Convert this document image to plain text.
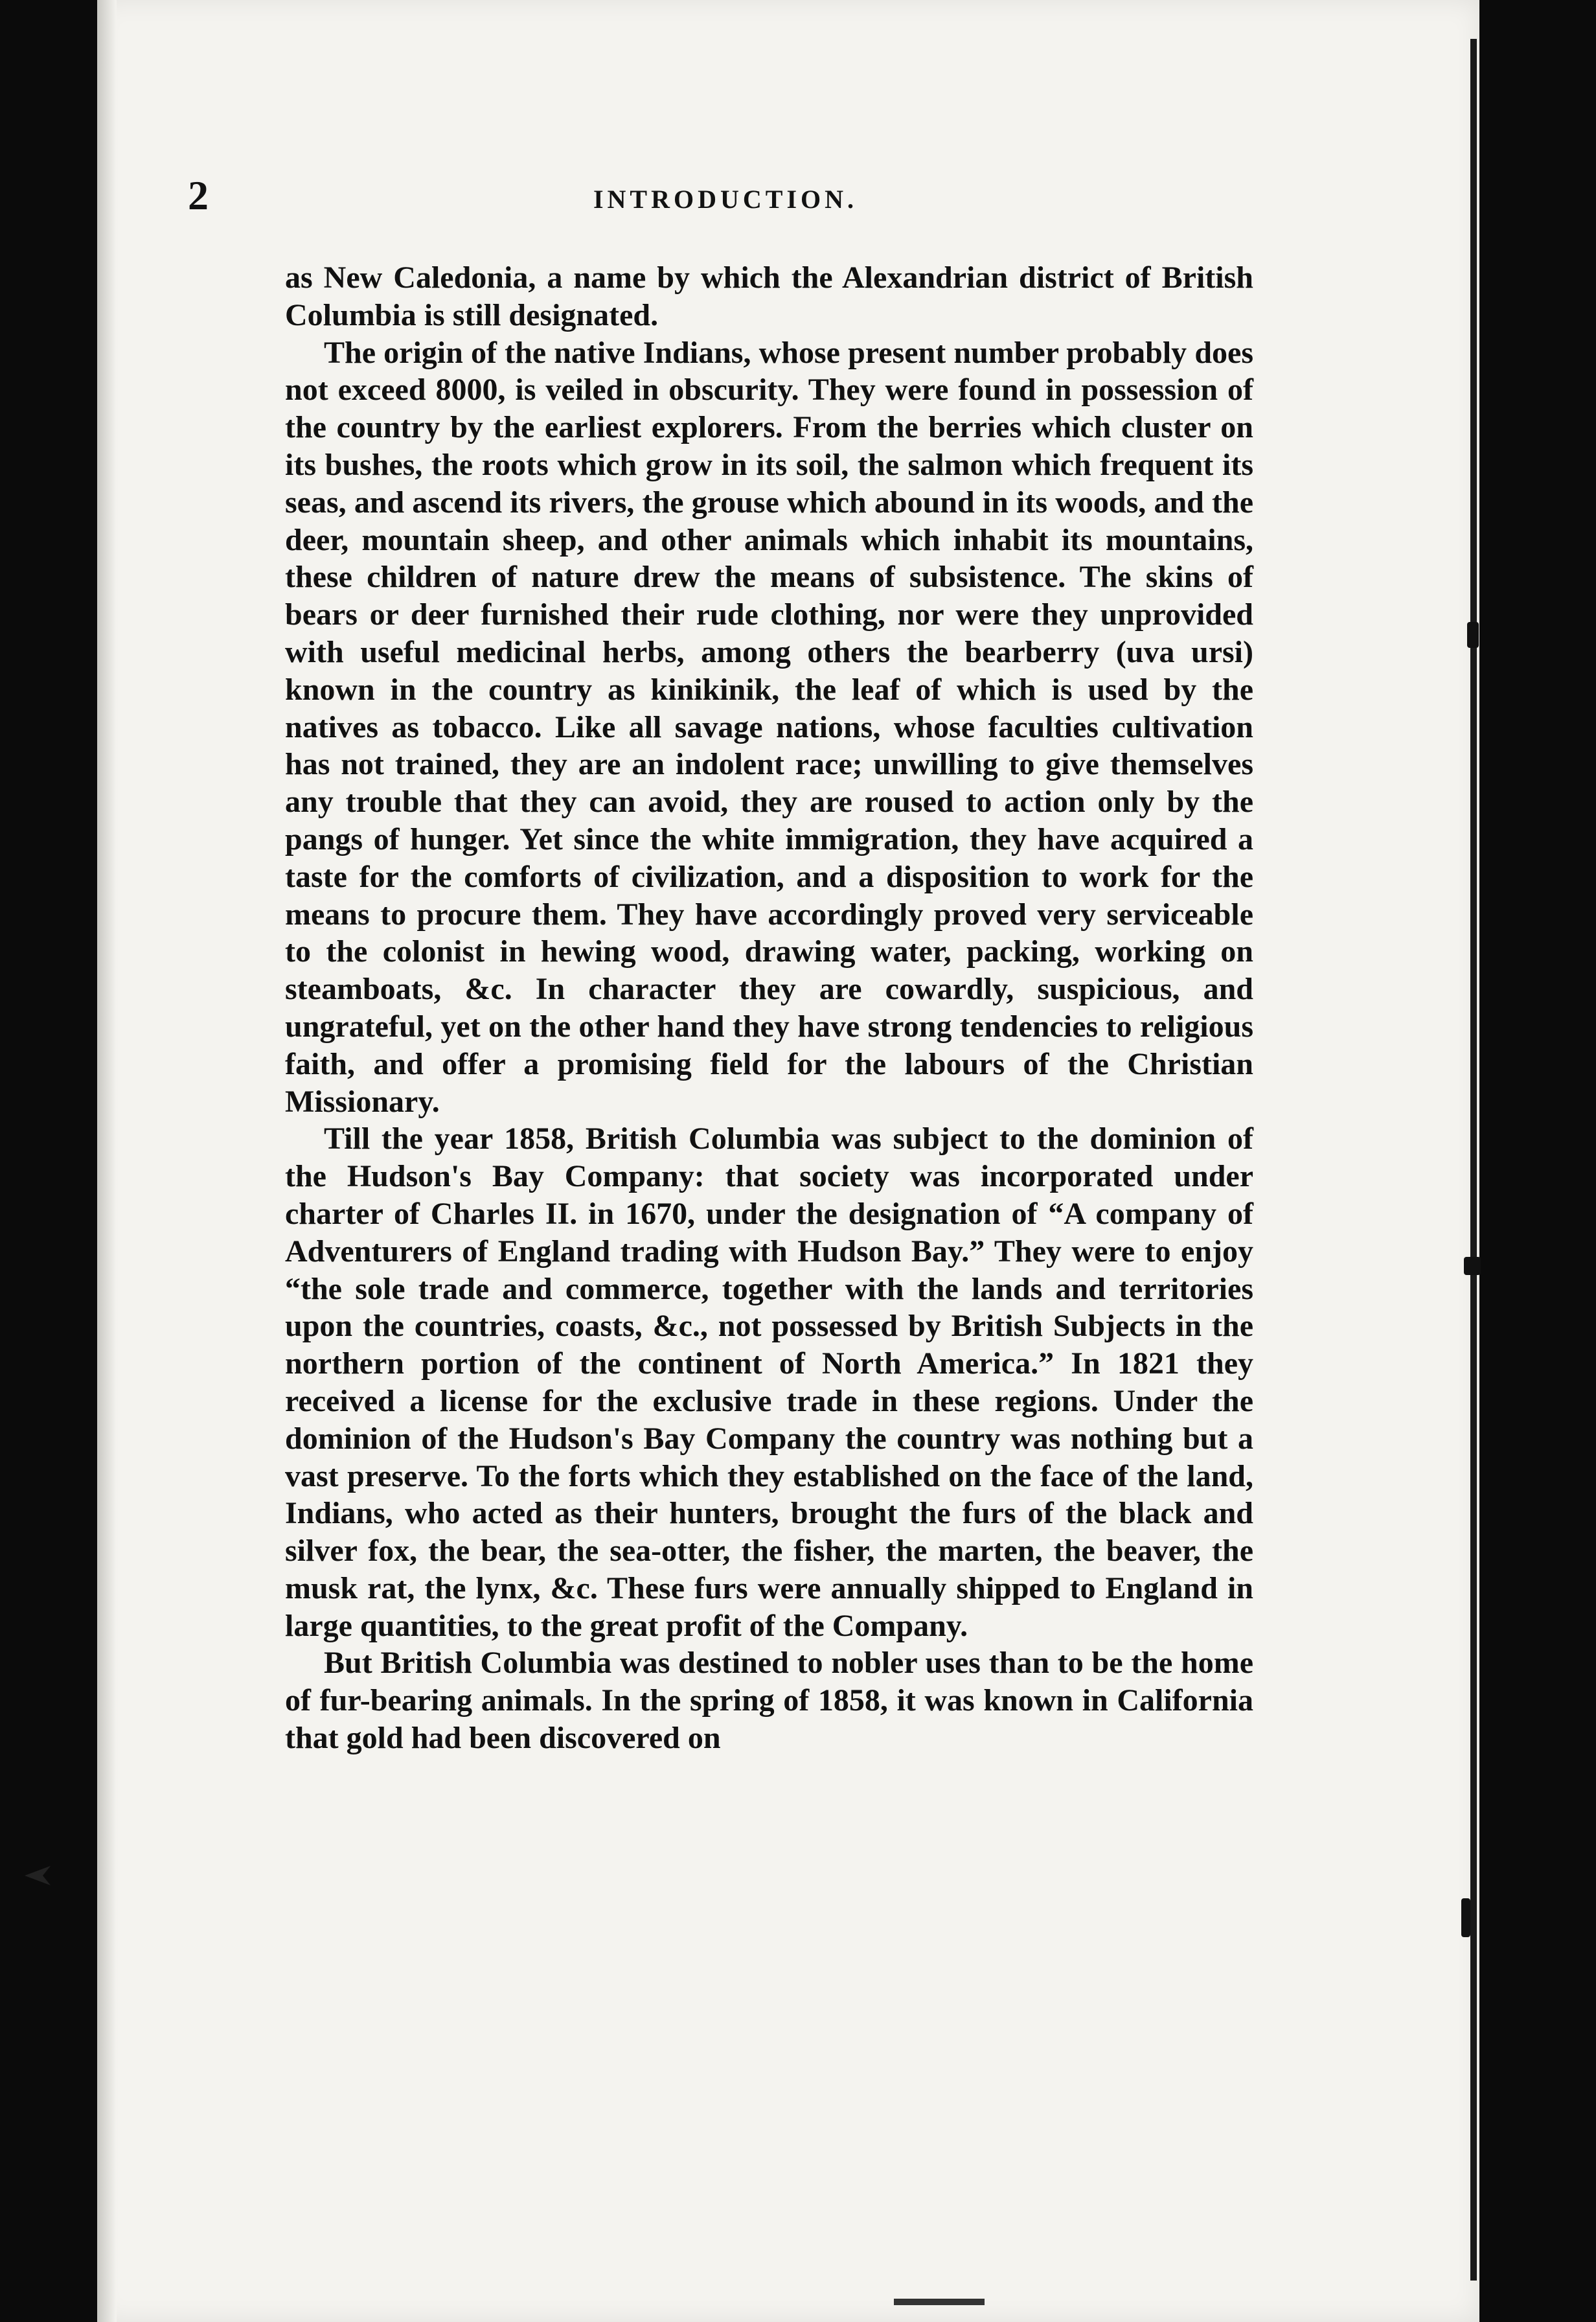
2	INTRODUCTION.

as New Caledonia, a name by which the Alexandrian district of British Columbia is still designated.

The origin of the native Indians, whose present number probably does not exceed 8000, is veiled in obscurity. They were found in possession of the country by the earliest explorers. From the berries which cluster on its bushes, the roots which grow in its soil, the salmon which frequent its seas, and ascend its rivers, the grouse which abound in its woods, and the deer, mountain sheep, and other animals which inhabit its mountains, these children of nature drew the means of subsistence. The skins of bears or deer furnished their rude clothing, nor were they unprovided with useful medicinal herbs, among others the bearberry (uva ursi) known in the country as kinikinik, the leaf of which is used by the natives as tobacco. Like all savage nations, whose faculties cultivation has not trained, they are an indolent race; unwilling to give themselves any trouble that they can avoid, they are roused to action only by the pangs of hunger. Yet since the white immigration, they have acquired a taste for the comforts of civilization, and a disposition to work for the means to procure them. They have accordingly proved very serviceable to the colonist in hewing wood, drawing water, packing, working on steamboats, &c. In character they are cowardly, suspicious, and ungrateful, yet on the other hand they have strong tendencies to religious faith, and offer a promising field for the labours of the Christian Missionary.

Till the year 1858, British Columbia was subject to the dominion of the Hudson's Bay Company: that society was incorporated under charter of Charles II. in 1670, under the designation of “A company of Adventurers of England trading with Hudson Bay.” They were to enjoy “the sole trade and commerce, together with the lands and territories upon the countries, coasts, &c., not possessed by British Subjects in the northern portion of the continent of North America.” In 1821 they received a license for the exclusive trade in these regions. Under the dominion of the Hudson's Bay Company the country was nothing but a vast preserve. To the forts which they established on the face of the land, Indians, who acted as their hunters, brought the furs of the black and silver fox, the bear, the sea-otter, the fisher, the marten, the beaver, the musk rat, the lynx, &c. These furs were annually shipped to England in large quantities, to the great profit of the Company.

But British Columbia was destined to nobler uses than to be the home of fur-bearing animals. In the spring of 1858, it was known in California that gold had been discovered on
